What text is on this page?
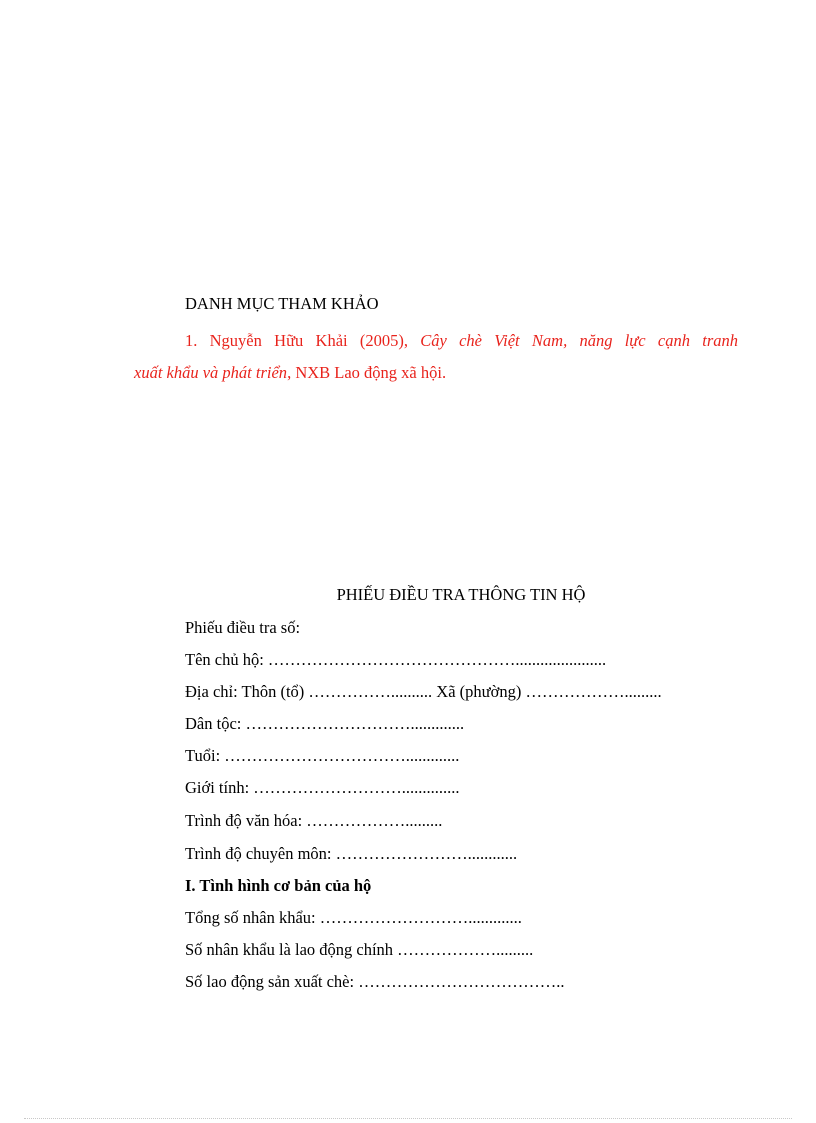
DANH MỤC THAM KHẢO
1. Nguyễn Hữu Khải (2005), Cây chè Việt Nam, năng lực cạnh tranh
xuất khẩu và phát triển, NXB Lao động xã hội.
PHIẾU ĐIỀU TRA THÔNG TIN HỘ
Phiếu điều tra số:
Tên chủ hộ: ………………………………………......................
Địa chỉ: Thôn (tổ) …………….......... Xã (phường) ……………….........
Dân tộc: ………………………….............
Tuổi: …………………………….............
Giới tính: ………………………..............
Trình độ văn hóa: ……………….........
Trình độ chuyên môn: ……………………............
I. Tình hình cơ bản của hộ
Tổng số nhân khẩu: ……………………….............
Số nhân khẩu là lao động chính ……………….........
Số lao động sản xuất chè: ………………………………..
